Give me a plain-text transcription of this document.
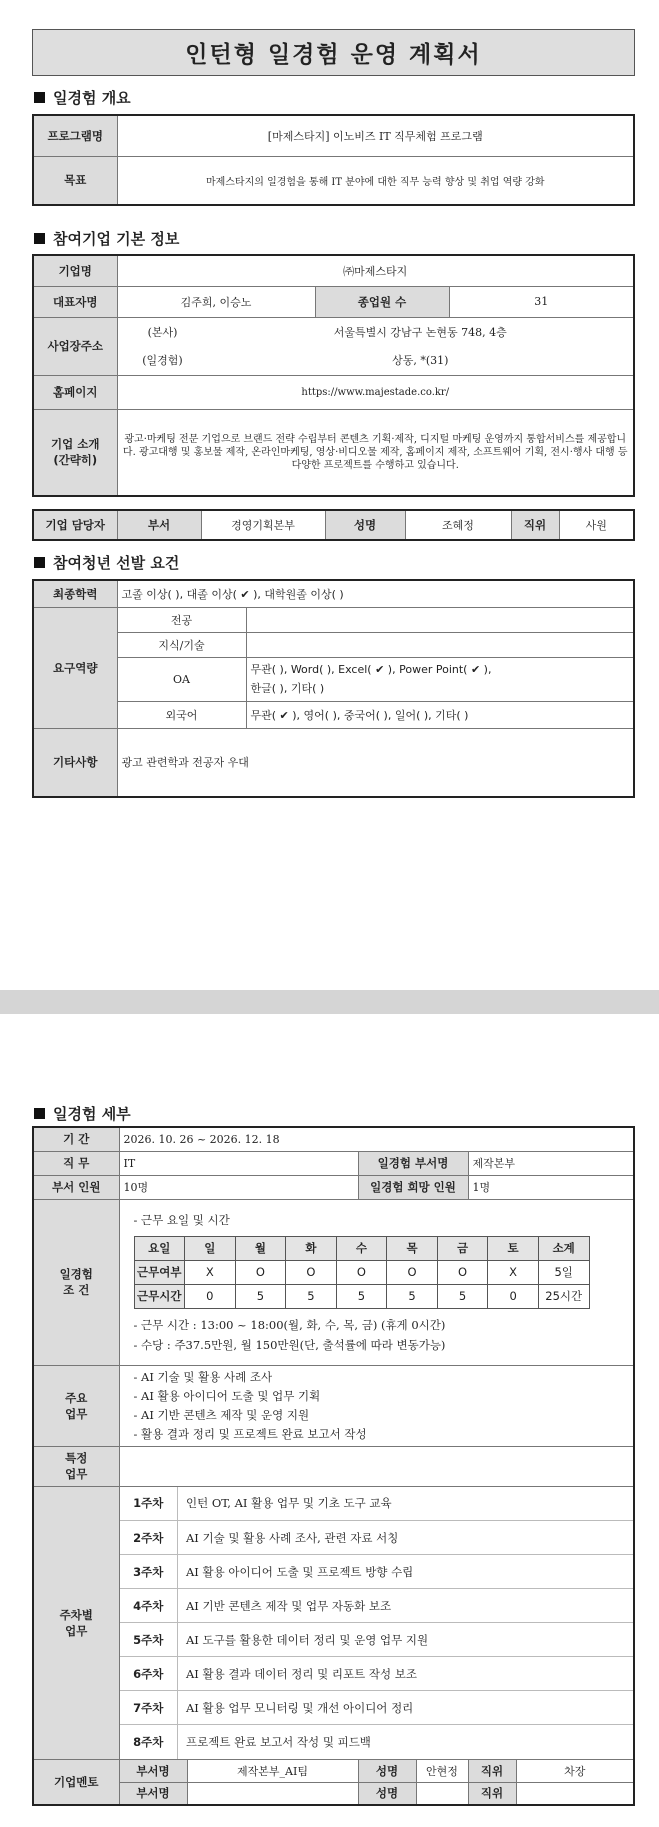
인턴형 일경험 운영 계획서
일경험 개요
프로그램명	[마제스타지] 이노비즈 IT 직무체험 프로그램
목표	마제스타지의 일경험을 통해 IT 분야에 대한 직무 능력 향상 및 취업 역량 강화
참여기업 기본 정보
기업명	㈜마제스타지		
대표자명	김주희, 이승노	종업원 수	31
사업장주소	(본사) 서울특별시 강남구 논현동 748, 4층
(일경험) 상동, *(31)		

홈페이지	https://www.majestade.co.kr/		

기업 소개
(간략히)	광고·마케팅 전문 기업으로 브랜드 전략 수립부터 콘텐츠 기획·제작, 디지털 마케팅 운영까지 통합서비스를 제공합니다. 광고대행 및 홍보물 제작, 온라인마케팅, 영상·비디오물 제작, 홈페이지 제작, 소프트웨어 기획, 전시·행사 대행 등다양한 프로젝트를 수행하고 있습니다.		
기업 담당자	부서	경영기획본부	성명	조혜정	직위	사원
참여청년 선발 요건
최종학력	고졸 이상( ), 대졸 이상( ✔ ), 대학원졸 이상( )	
요구역량	전공	
	지식/기술	
	OA	무관( ), Word( ), Excel( ✔ ), Power Point( ✔ ),
한글( ), 기타( )

	외국어	무관( ✔ ), 영어( ), 중국어( ), 일어( ), 기타( )
기타사항	광고 관련학과 전공자 우대	
일경험 세부
기 간	2026. 10. 26 ~ 2026. 12. 18
직 무	IT	일경험 부서명	제작본부
부서 인원	10명	일경험 희망 인원	1명

일경험
조 건

- 근무 요일 및 시간
요일	일	월	화	수	목	금	토	소계
근무여부	X	O	O	O	O	O	X	5일
근무시간	0	5	5	5	5	5	0	25시간
- 근무 시간 : 13:00 ~ 18:00(월, 화, 수, 목, 금) (휴게 0시간)
- 수당 : 주37.5만원, 월 150만원(단, 출석률에 따라 변동가능)

주요
업무

- AI 기술 및 활용 사례 조사
- AI 활용 아이디어 도출 및 업무 기획
- AI 기반 콘텐츠 제작 및 운영 지원
- 활용 결과 정리 및 프로젝트 완료 보고서 작성

특정
업무

주차별
업무

1주차	인턴 OT, AI 활용 업무 및 기초 도구 교육
2주차	AI 기술 및 활용 사례 조사, 관련 자료 서칭
3주차	AI 활용 아이디어 도출 및 프로젝트 방향 수립
4주차	AI 기반 콘텐츠 제작 및 업무 자동화 보조
5주차	AI 도구를 활용한 데이터 정리 및 운영 업무 지원
6주차	AI 활용 결과 데이터 정리 및 리포트 작성 보조
7주차	AI 활용 업무 모니터링 및 개선 아이디어 정리
8주차	프로젝트 완료 보고서 작성 및 피드백

기업멘토	부서명	제작본부_AI팀	성명	안현정	직위	차장
부서명		성명		직위	
